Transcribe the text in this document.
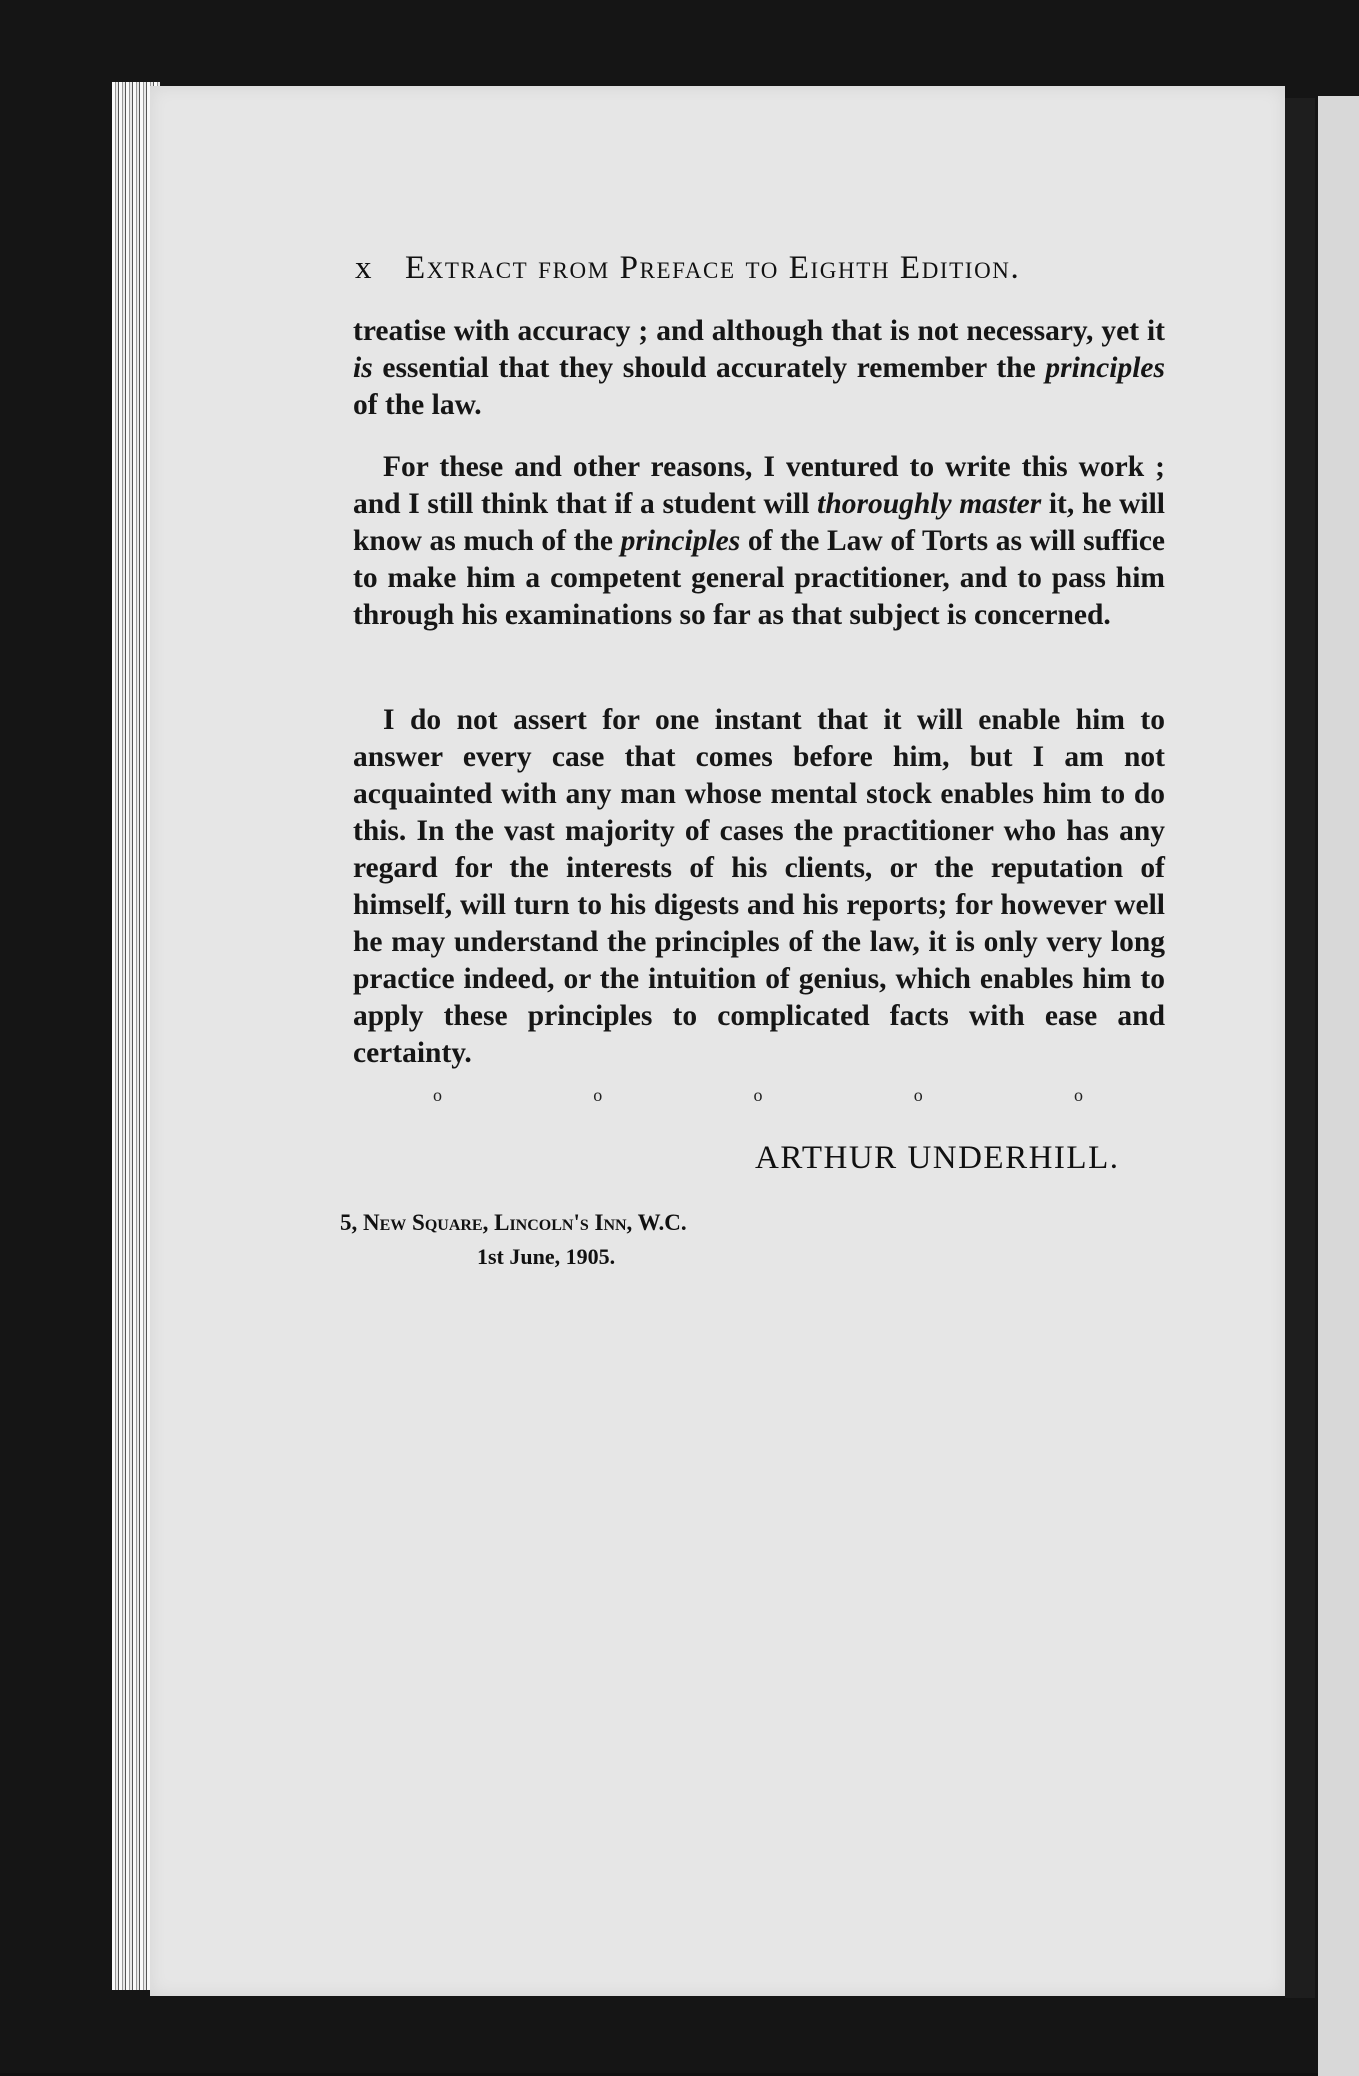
x Extract from Preface to Eighth Edition.
treatise with accuracy ; and although that is not necessary, yet it is essential that they should accurately remember the principles of the law.
For these and other reasons, I ventured to write this work ; and I still think that if a student will thoroughly master it, he will know as much of the principles of the Law of Torts as will suffice to make him a competent general practitioner, and to pass him through his examinations so far as that subject is concerned.
I do not assert for one instant that it will enable him to answer every case that comes before him, but I am not acquainted with any man whose mental stock enables him to do this. In the vast majority of cases the practitioner who has any regard for the interests of his clients, or the reputation of himself, will turn to his digests and his reports; for however well he may understand the principles of the law, it is only very long practice indeed, or the intuition of genius, which enables him to apply these principles to complicated facts with ease and certainty.
o	o	o	o	o
ARTHUR UNDERHILL.
5, New Square, Lincoln's Inn, W.C.
1st June, 1905.
